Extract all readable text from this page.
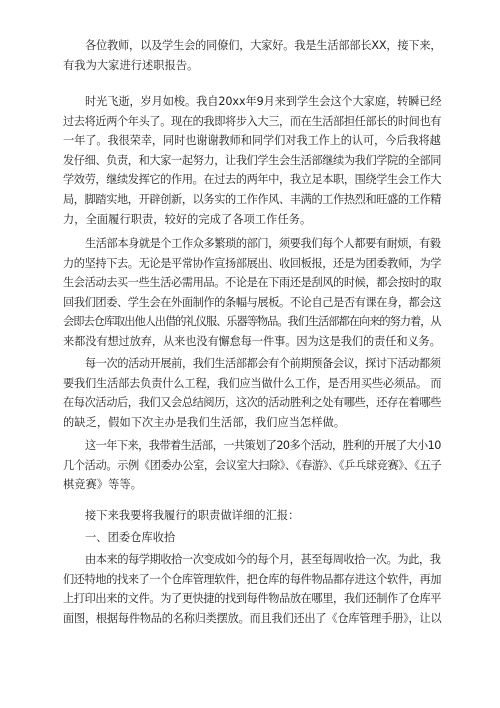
各位教师，以及学生会的同僚们，大家好。我是生活部部长XX，接下来，
有我为大家进行述职报告。

时光飞逝，岁月如梭。我自20xx年9月来到学生会这个大家庭，转瞬已经
过去将近两个年头了。现在的我即将步入大三，而在生活部担任部长的时间也有
一年了。我很荣幸，同时也谢谢教师和同学们对我工作上的认可，今后我将越
发仔细、负责，和大家一起努力，让我们学生会生活部继续为我们学院的全部同
学效劳，继续发挥它的作用。在过去的两年中，我立足本职，围绕学生会工作大
局，脚踏实地，开辟创新，以务实的工作作风、丰满的工作热烈和旺盛的工作精
力，全面履行职责，较好的完成了各项工作任务。

生活部本身就是个工作众多繁琐的部门，须要我们每个人都要有耐烦，有毅
力的坚持下去。无论是平常协作宣扬部展出、收回板报，还是为团委教师，为学
生会活动去买一些生活必需用品。不论是在下雨还是刮风的时候，都会按时的取
回我们团委、学生会在外面制作的条幅与展板。不论自己是否有课在身，都会这
会即去仓库取出他人出借的礼仪服、乐器等物品。我们生活部都在向来的努力着，从
来都没有想过放弃，从来也没有懈怠每一件事。因为这是我们的责任和义务。

每一次的活动开展前，我们生活部都会有个前期预备会议，探讨下活动都须
要我们生活部去负责什么工程，我们应当做什么工作，是否用买些必须品。 而
在每次活动后，我们又会总结阅历，这次的活动胜利之处有哪些，还存在着哪些
的缺乏，假如下次主办是我们生活部，我们应当怎样做。

这一年下来，我带着生活部，一共策划了20多个活动，胜利的开展了大小10
几个活动。示例《团委办公室，会议室大扫除》、《春游》、《乒乓球竞赛》、《五子
棋竞赛》等等。

接下来我要将我履行的职责做详细的汇报：

一、团委仓库收拾

由本来的每学期收拾一次变成如今的每个月，甚至每周收拾一次。为此，我
们还特地的找来了一个仓库管理软件，把仓库的每件物品都存进这个软件，再加
上打印出来的文件。为了更快捷的找到每件物品放在哪里，我们还制作了仓库平
面图，根据每件物品的名称归类摆放。而且我们还出了《仓库管理手册》，让以
